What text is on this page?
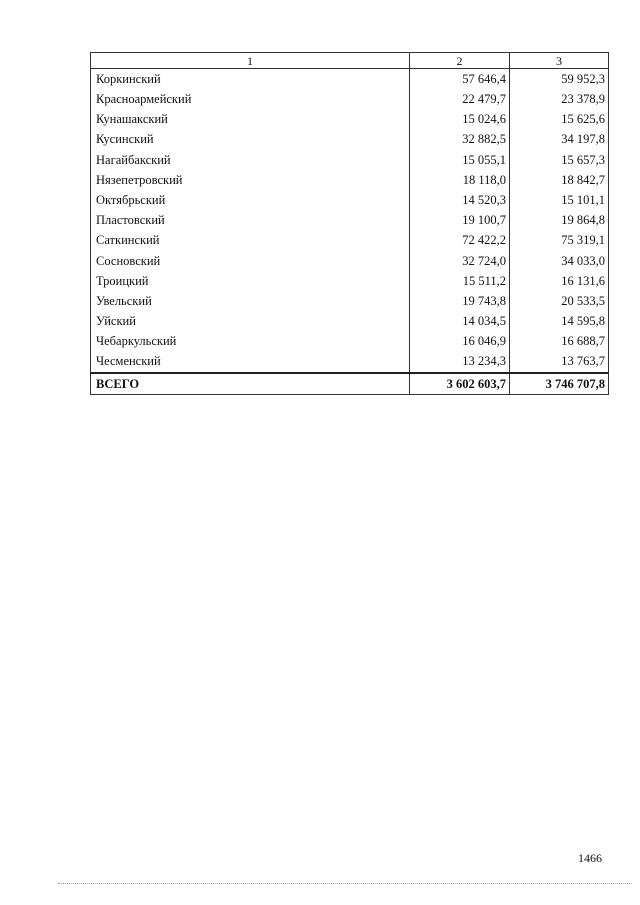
1	2	3
Коркинский	57 646,4	59 952,3
Красноармейский	22 479,7	23 378,9
Кунашакский	15 024,6	15 625,6
Кусинский	32 882,5	34 197,8
Нагайбакский	15 055,1	15 657,3
Нязепетровский	18 118,0	18 842,7
Октябрьский	14 520,3	15 101,1
Пластовский	19 100,7	19 864,8
Саткинский	72 422,2	75 319,1
Сосновский	32 724,0	34 033,0
Троицкий	15 511,2	16 131,6
Увельский	19 743,8	20 533,5
Уйский	14 034,5	14 595,8
Чебаркульский	16 046,9	16 688,7
Чесменский	13 234,3	13 763,7
ВСЕГО	3 602 603,7	3 746 707,8
1466
